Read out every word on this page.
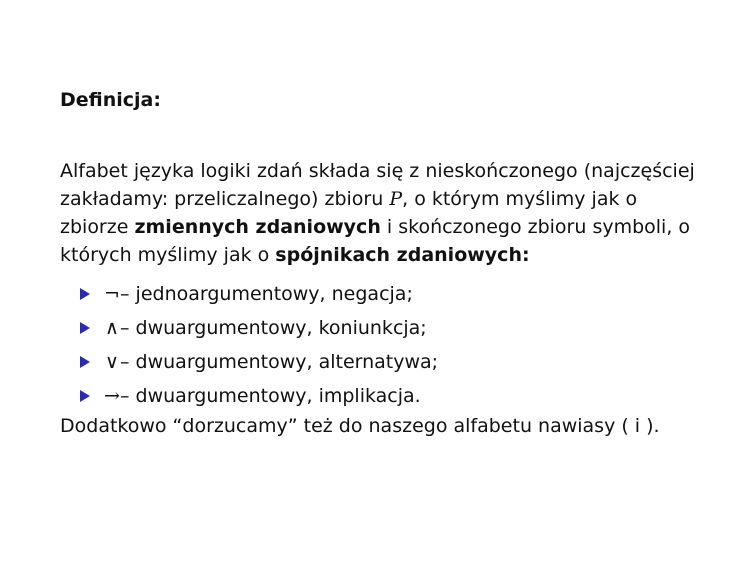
Definicja:
Alfabet języka logiki zdań składa się z nieskończonego (najczęściej
zakładamy: przeliczalnego) zbioru P, o którym myślimy jak o
zbiorze zmiennych zdaniowych i skończonego zbioru symboli, o
których myślimy jak o spójnikach zdaniowych:
¬ – jednoargumentowy, negacja;
∧ – dwuargumentowy, koniunkcja;
∨ – dwuargumentowy, alternatywa;
→ – dwuargumentowy, implikacja.
Dodatkowo “dorzucamy” też do naszego alfabetu nawiasy ( i ).
